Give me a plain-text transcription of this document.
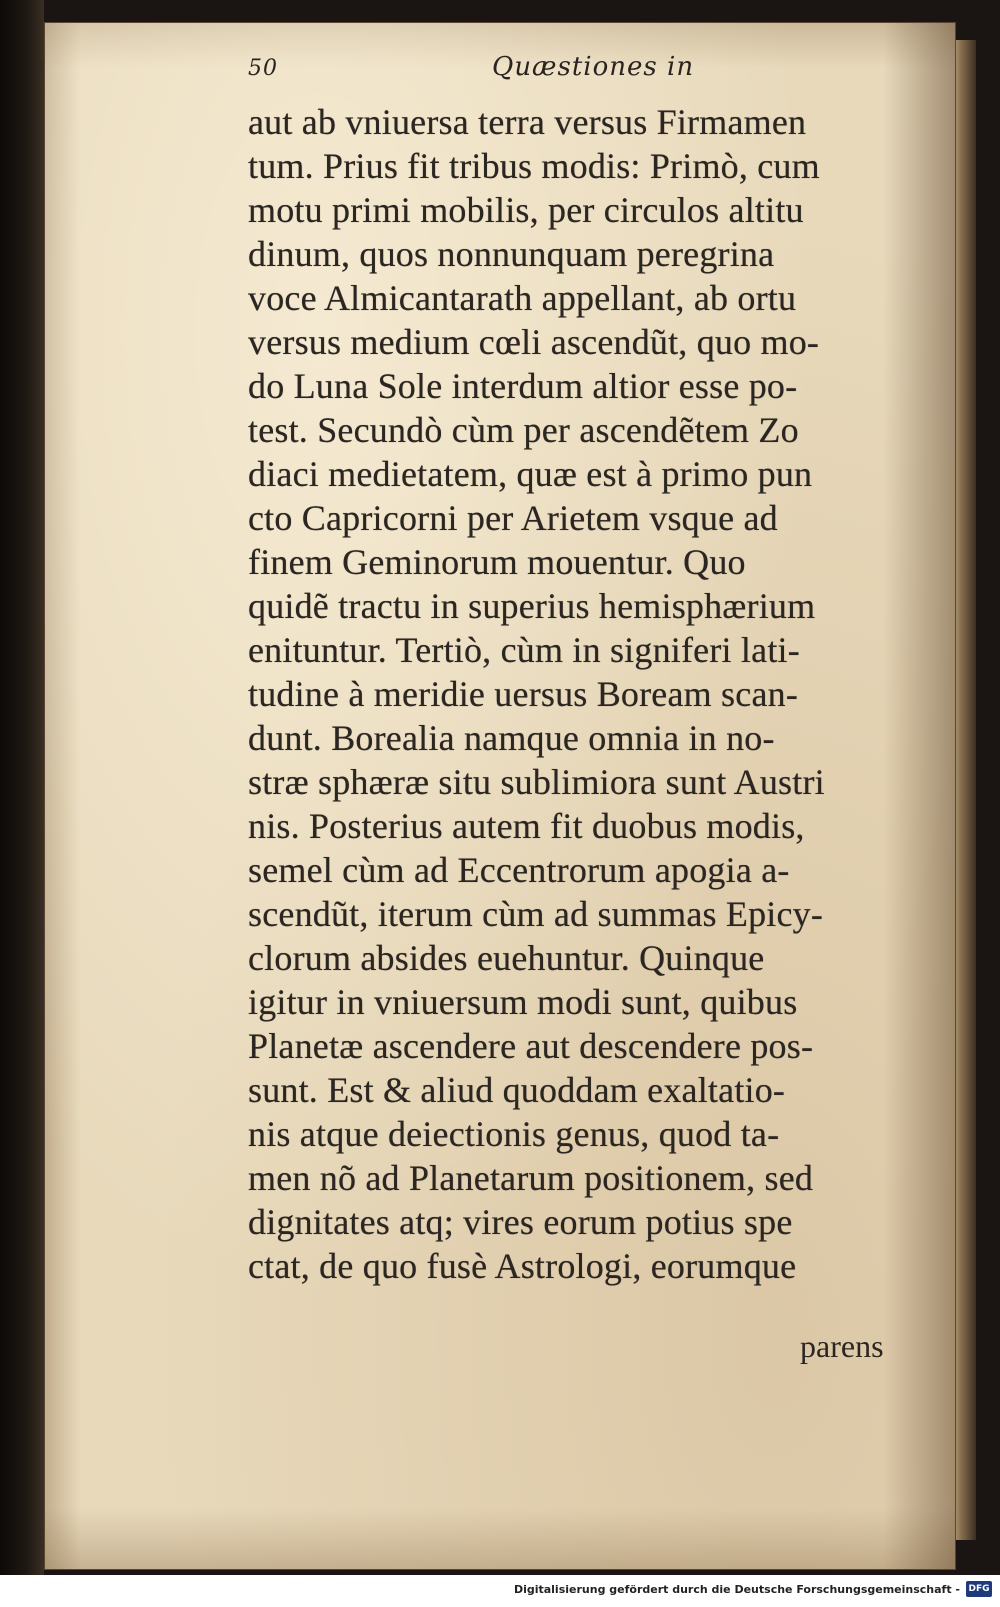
50	Quæstiones in
aut ab vniuersa terra versus Firmamen
tum. Prius fit tribus modis: Primò, cum
motu primi mobilis, per circulos altitu
dinum, quos nonnunquam peregrina
voce Almicantarath appellant, ab ortu
versus medium cœli ascendũt, quo mo-
do Luna Sole interdum altior esse po-
test. Secundò cùm per ascendẽtem Zo
diaci medietatem, quæ est à primo pun
cto Capricorni per Arietem vsque ad
finem Geminorum mouentur. Quo
quidẽ tractu in superius hemisphærium
enituntur. Tertiò, cùm in signiferi lati-
tudine à meridie uersus Boream scan-
dunt. Borealia namque omnia in no-
stræ sphæræ situ sublimiora sunt Austri
nis. Posterius autem fit duobus modis,
semel cùm ad Eccentrorum apogia a-
scendũt, iterum cùm ad summas Epicy-
clorum absides euehuntur. Quinque
igitur in vniuersum modi sunt, quibus
Planetæ ascendere aut descendere pos-
sunt. Est & aliud quoddam exaltatio-
nis atque deiectionis genus, quod ta-
men nõ ad Planetarum positionem, sed
dignitates atq; vires eorum potius spe
ctat, de quo fusè Astrologi, eorumque
parens
Digitalisierung gefördert durch die Deutsche Forschungsgemeinschaft - DFG
